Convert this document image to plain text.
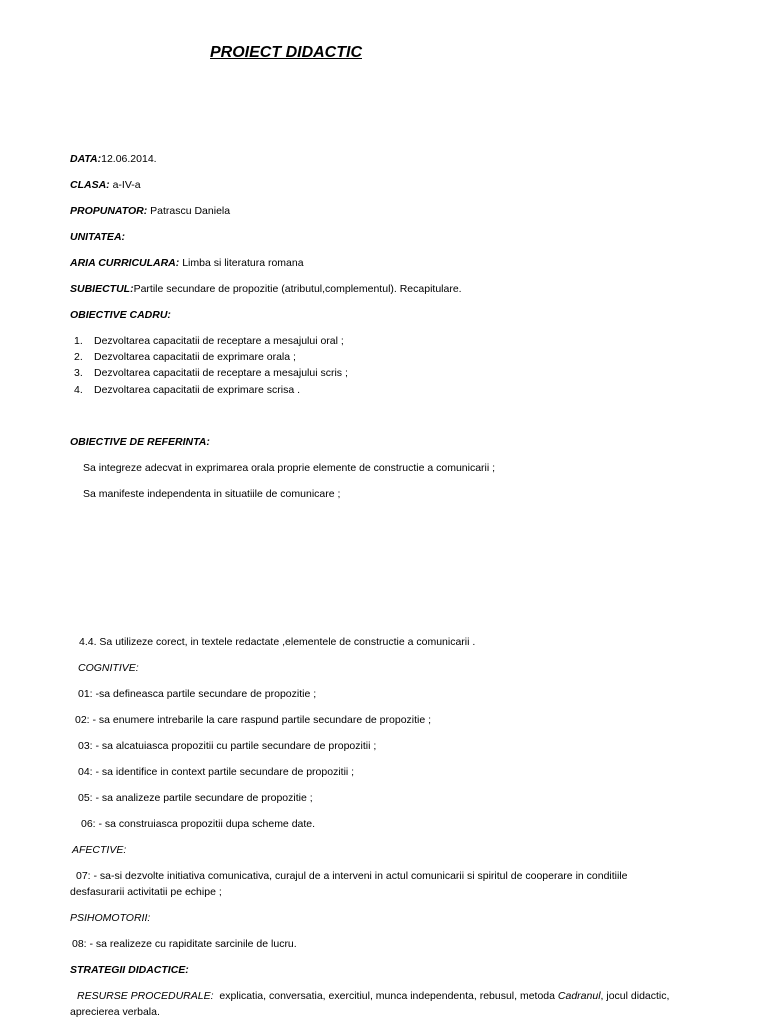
PROIECT DIDACTIC
DATA:12.06.2014.
CLASA: a-IV-a
PROPUNATOR: Patrascu Daniela
UNITATEA:
ARIA CURRICULARA: Limba si literatura romana
SUBIECTUL:Partile secundare de propozitie (atributul,complementul). Recapitulare.
OBIECTIVE CADRU:
1. Dezvoltarea capacitatii de receptare a mesajului oral ;
2. Dezvoltarea capacitatii de exprimare orala ;
3. Dezvoltarea capacitatii de receptare a mesajului scris ;
4. Dezvoltarea capacitatii de exprimare scrisa .
OBIECTIVE DE REFERINTA:
Sa integreze adecvat in exprimarea orala proprie elemente de constructie a comunicarii ;
Sa manifeste independenta in situatiile de comunicare ;
4.4. Sa utilizeze corect, in textele redactate ,elementele de constructie a comunicarii .
COGNITIVE:
01: -sa defineasca partile secundare de propozitie ;
02: - sa enumere intrebarile la care raspund partile secundare de propozitie ;
03: - sa alcatuiasca propozitii cu partile secundare de propozitii ;
04: - sa identifice in context partile secundare de propozitii ;
05: - sa analizeze partile secundare de propozitie ;
06: - sa construiasca propozitii dupa scheme date.
AFECTIVE:
07: - sa-si dezvolte initiativa comunicativa, curajul de a interveni in actul comunicarii si spiritul de cooperare in conditiile
desfasurarii activitatii pe echipe ;
PSIHOMOTORII:
08: - sa realizeze cu rapiditate sarcinile de lucru.
STRATEGII DIDACTICE:
RESURSE PROCEDURALE: explicatia, conversatia, exercitiul, munca independenta, rebusul, metoda Cadranul, jocul didactic,
aprecierea verbala.
